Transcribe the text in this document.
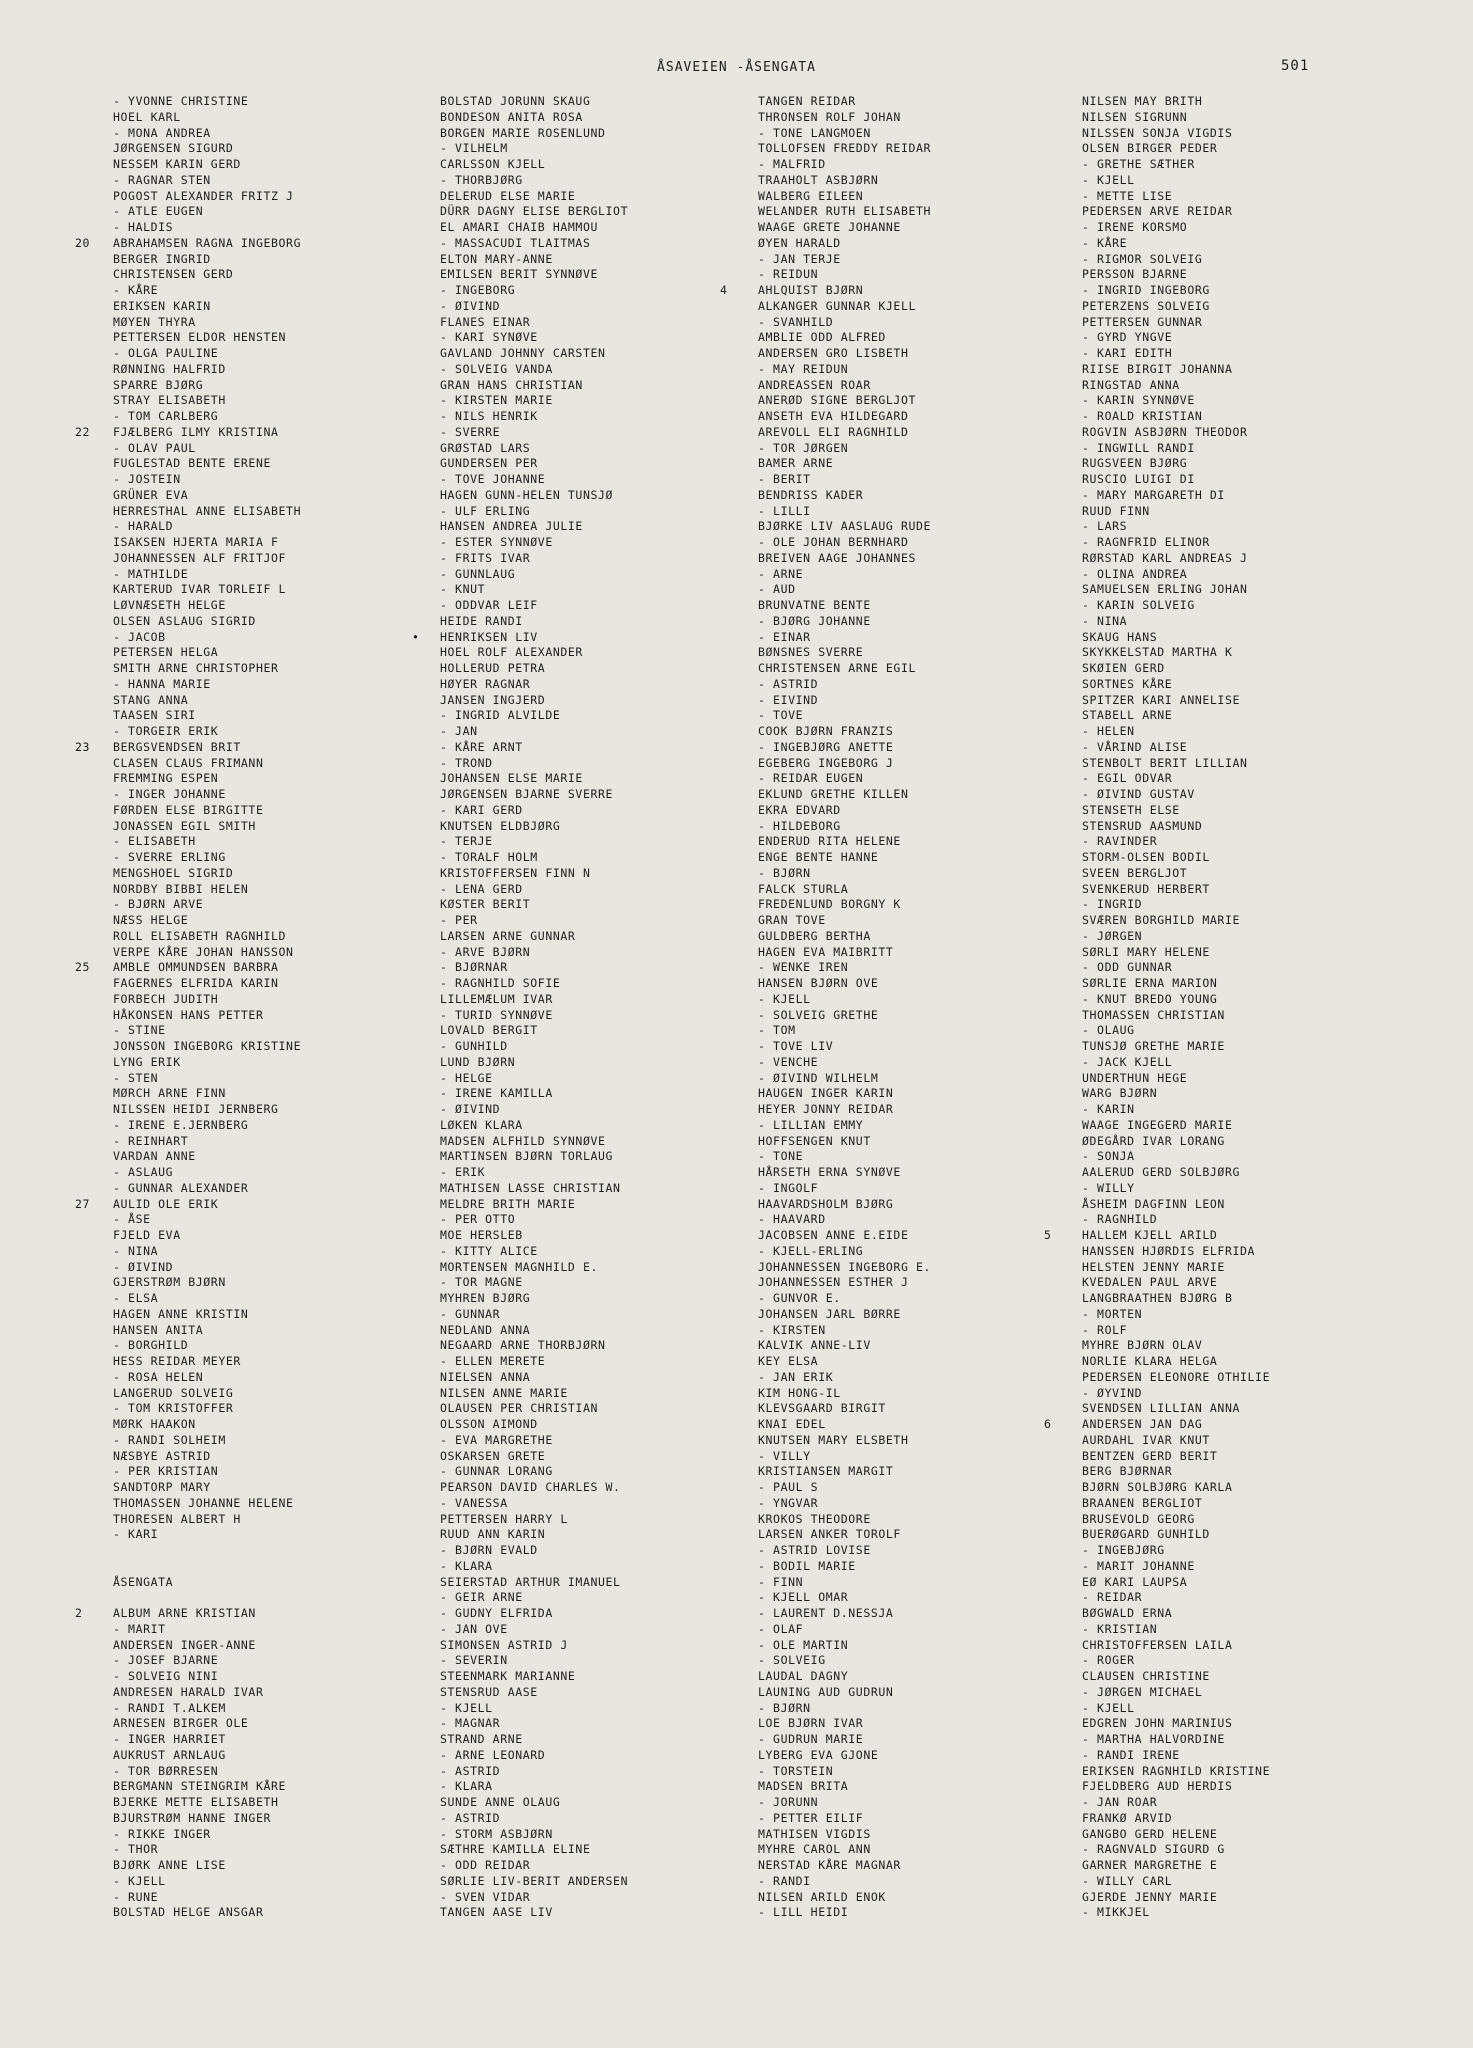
ÅSAVEIEN -ÅSENGATA	501
- YVONNE CHRISTINE
HOEL KARL
- MONA ANDREA
JØRGENSEN SIGURD
NESSEM KARIN GERD
- RAGNAR STEN
POGOST ALEXANDER FRITZ J
- ATLE EUGEN
- HALDIS
20	ABRAHAMSEN RAGNA INGEBORG
BERGER INGRID
CHRISTENSEN GERD
- KÅRE
ERIKSEN KARIN
MØYEN THYRA
PETTERSEN ELDOR HENSTEN
- OLGA PAULINE
RØNNING HALFRID
SPARRE BJØRG
STRAY ELISABETH
- TOM CARLBERG
22	FJÆLBERG ILMY KRISTINA
- OLAV PAUL
FUGLESTAD BENTE ERENE
- JOSTEIN
GRÜNER EVA
HERRESTHAL ANNE ELISABETH
- HARALD
ISAKSEN HJERTA MARIA F
JOHANNESSEN ALF FRITJOF
- MATHILDE
KARTERUD IVAR TORLEIF L
LØVNÆSETH HELGE
OLSEN ASLAUG SIGRID
- JACOB
PETERSEN HELGA
SMITH ARNE CHRISTOPHER
- HANNA MARIE
STANG ANNA
TAASEN SIRI
- TORGEIR ERIK
23	BERGSVENDSEN BRIT
CLASEN CLAUS FRIMANN
FREMMING ESPEN
- INGER JOHANNE
FØRDEN ELSE BIRGITTE
JONASSEN EGIL SMITH
- ELISABETH
- SVERRE ERLING
MENGSHOEL SIGRID
NORDBY BIBBI HELEN
- BJØRN ARVE
NÆSS HELGE
ROLL ELISABETH RAGNHILD
VERPE KÅRE JOHAN HANSSON
25	AMBLE OMMUNDSEN BARBRA
FAGERNES ELFRIDA KARIN
FORBECH JUDITH
HÅKONSEN HANS PETTER
- STINE
JONSSON INGEBORG KRISTINE
LYNG ERIK
- STEN
MØRCH ARNE FINN
NILSSEN HEIDI JERNBERG
- IRENE E.JERNBERG
- REINHART
VARDAN ANNE
- ASLAUG
- GUNNAR ALEXANDER
27	AULID OLE ERIK
- ÅSE
FJELD EVA
- NINA
- ØIVIND
GJERSTRØM BJØRN
- ELSA
HAGEN ANNE KRISTIN
HANSEN ANITA
- BORGHILD
HESS REIDAR MEYER
- ROSA HELEN
LANGERUD SOLVEIG
- TOM KRISTOFFER
MØRK HAAKON
- RANDI SOLHEIM
NÆSBYE ASTRID
- PER KRISTIAN
SANDTORP MARY
THOMASSEN JOHANNE HELENE
THORESEN ALBERT H
- KARI
ÅSENGATA
2	ALBUM ARNE KRISTIAN
- MARIT
ANDERSEN INGER-ANNE
- JOSEF BJARNE
- SOLVEIG NINI
ANDRESEN HARALD IVAR
- RANDI T.ALKEM
ARNESEN BIRGER OLE
- INGER HARRIET
AUKRUST ARNLAUG
- TOR BØRRESEN
BERGMANN STEINGRIM KÅRE
BJERKE METTE ELISABETH
BJURSTRØM HANNE INGER
- RIKKE INGER
- THOR
BJØRK ANNE LISE
- KJELL
- RUNE
BOLSTAD HELGE ANSGAR
BOLSTAD JORUNN SKAUG
BONDESON ANITA ROSA
BORGEN MARIE ROSENLUND
- VILHELM
CARLSSON KJELL
- THORBJØRG
DELERUD ELSE MARIE
DÜRR DAGNY ELISE BERGLIOT
EL AMARI CHAIB HAMMOU
- MASSACUDI TLAITMAS
ELTON MARY-ANNE
EMILSEN BERIT SYNNØVE
- INGEBORG
- ØIVIND
FLANES EINAR
- KARI SYNØVE
GAVLAND JOHNNY CARSTEN
- SOLVEIG VANDA
GRAN HANS CHRISTIAN
- KIRSTEN MARIE
- NILS HENRIK
- SVERRE
GRØSTAD LARS
GUNDERSEN PER
- TOVE JOHANNE
HAGEN GUNN-HELEN TUNSJØ
- ULF ERLING
HANSEN ANDREA JULIE
- ESTER SYNNØVE
- FRITS IVAR
- GUNNLAUG
- KNUT
- ODDVAR LEIF
HEIDE RANDI
• HENRIKSEN LIV
HOEL ROLF ALEXANDER
HOLLERUD PETRA
HØYER RAGNAR
JANSEN INGJERD
- INGRID ALVILDE
- JAN
- KÅRE ARNT
- TROND
JOHANSEN ELSE MARIE
JØRGENSEN BJARNE SVERRE
- KARI GERD
KNUTSEN ELDBJØRG
- TERJE
- TORALF HOLM
KRISTOFFERSEN FINN N
- LENA GERD
KØSTER BERIT
- PER
LARSEN ARNE GUNNAR
- ARVE BJØRN
- BJØRNAR
- RAGNHILD SOFIE
LILLEMÆLUM IVAR
- TURID SYNNØVE
LOVALD BERGIT
- GUNHILD
LUND BJØRN
- HELGE
- IRENE KAMILLA
- ØIVIND
LØKEN KLARA
MADSEN ALFHILD SYNNØVE
MARTINSEN BJØRN TORLAUG
- ERIK
MATHISEN LASSE CHRISTIAN
MELDRE BRITH MARIE
- PER OTTO
MOE HERSLEB
- KITTY ALICE
MORTENSEN MAGNHILD E.
- TOR MAGNE
MYHREN BJØRG
- GUNNAR
NEDLAND ANNA
NEGAARD ARNE THORBJØRN
- ELLEN MERETE
NIELSEN ANNA
NILSEN ANNE MARIE
OLAUSEN PER CHRISTIAN
OLSSON AIMOND
- EVA MARGRETHE
OSKARSEN GRETE
- GUNNAR LORANG
PEARSON DAVID CHARLES W.
- VANESSA
PETTERSEN HARRY L
RUUD ANN KARIN
- BJØRN EVALD
- KLARA
SEIERSTAD ARTHUR IMANUEL
- GEIR ARNE
- GUDNY ELFRIDA
- JAN OVE
SIMONSEN ASTRID J
- SEVERIN
STEENMARK MARIANNE
STENSRUD AASE
- KJELL
- MAGNAR
STRAND ARNE
- ARNE LEONARD
- ASTRID
- KLARA
SUNDE ANNE OLAUG
- ASTRID
- STORM ASBJØRN
SÆTHRE KAMILLA ELINE
- ODD REIDAR
SØRLIE LIV-BERIT ANDERSEN
- SVEN VIDAR
TANGEN AASE LIV
TANGEN REIDAR
THRONSEN ROLF JOHAN
- TONE LANGMOEN
TOLLOFSEN FREDDY REIDAR
- MALFRID
TRAAHOLT ASBJØRN
WALBERG EILEEN
WELANDER RUTH ELISABETH
WAAGE GRETE JOHANNE
ØYEN HARALD
- JAN TERJE
- REIDUN
4	AHLQUIST BJØRN
ALKANGER GUNNAR KJELL
- SVANHILD
AMBLIE ODD ALFRED
ANDERSEN GRO LISBETH
- MAY REIDUN
ANDREASSEN ROAR
ANERØD SIGNE BERGLJOT
ANSETH EVA HILDEGARD
AREVOLL ELI RAGNHILD
- TOR JØRGEN
BAMER ARNE
- BERIT
BENDRISS KADER
- LILLI
BJØRKE LIV AASLAUG RUDE
- OLE JOHAN BERNHARD
BREIVEN AAGE JOHANNES
- ARNE
- AUD
BRUNVATNE BENTE
- BJØRG JOHANNE
- EINAR
BØNSNES SVERRE
CHRISTENSEN ARNE EGIL
- ASTRID
- EIVIND
- TOVE
COOK BJØRN FRANZIS
- INGEBJØRG ANETTE
EGEBERG INGEBORG J
- REIDAR EUGEN
EKLUND GRETHE KILLEN
EKRA EDVARD
- HILDEBORG
ENDERUD RITA HELENE
ENGE BENTE HANNE
- BJØRN
FALCK STURLA
FREDENLUND BORGNY K
GRAN TOVE
GULDBERG BERTHA
HAGEN EVA MAIBRITT
- WENKE IREN
HANSEN BJØRN OVE
- KJELL
- SOLVEIG GRETHE
- TOM
- TOVE LIV
- VENCHE
- ØIVIND WILHELM
HAUGEN INGER KARIN
HEYER JONNY REIDAR
- LILLIAN EMMY
HOFFSENGEN KNUT
- TONE
HÅRSETH ERNA SYNØVE
- INGOLF
HAAVARDSHOLM BJØRG
- HAAVARD
JACOBSEN ANNE E.EIDE
- KJELL-ERLING
JOHANNESSEN INGEBORG E.
JOHANNESSEN ESTHER J
- GUNVOR E.
JOHANSEN JARL BØRRE
- KIRSTEN
KALVIK ANNE-LIV
KEY ELSA
- JAN ERIK
KIM HONG-IL
KLEVSGAARD BIRGIT
KNAI EDEL
KNUTSEN MARY ELSBETH
- VILLY
KRISTIANSEN MARGIT
- PAUL S
- YNGVAR
KROKOS THEODORE
LARSEN ANKER TOROLF
- ASTRID LOVISE
- BODIL MARIE
- FINN
- KJELL OMAR
- LAURENT D.NESSJA
- OLAF
- OLE MARTIN
- SOLVEIG
LAUDAL DAGNY
LAUNING AUD GUDRUN
- BJØRN
LOE BJØRN IVAR
- GUDRUN MARIE
LYBERG EVA GJONE
- TORSTEIN
MADSEN BRITA
- JORUNN
- PETTER EILIF
MATHISEN VIGDIS
MYHRE CAROL ANN
NERSTAD KÅRE MAGNAR
- RANDI
NILSEN ARILD ENOK
- LILL HEIDI
NILSEN MAY BRITH
NILSEN SIGRUNN
NILSSEN SONJA VIGDIS
OLSEN BIRGER PEDER
- GRETHE SÆTHER
- KJELL
- METTE LISE
PEDERSEN ARVE REIDAR
- IRENE KORSMO
- KÅRE
- RIGMOR SOLVEIG
PERSSON BJARNE
- INGRID INGEBORG
PETERZENS SOLVEIG
PETTERSEN GUNNAR
- GYRD YNGVE
- KARI EDITH
RIISE BIRGIT JOHANNA
RINGSTAD ANNA
- KARIN SYNNØVE
- ROALD KRISTIAN
ROGVIN ASBJØRN THEODOR
- INGWILL RANDI
RUGSVEEN BJØRG
RUSCIO LUIGI DI
- MARY MARGARETH DI
RUUD FINN
- LARS
- RAGNFRID ELINOR
RØRSTAD KARL ANDREAS J
- OLINA ANDREA
SAMUELSEN ERLING JOHAN
- KARIN SOLVEIG
- NINA
SKAUG HANS
SKYKKELSTAD MARTHA K
SKØIEN GERD
SORTNES KÅRE
SPITZER KARI ANNELISE
STABELL ARNE
- HELEN
- VÅRIND ALISE
STENBOLT BERIT LILLIAN
- EGIL ODVAR
- ØIVIND GUSTAV
STENSETH ELSE
STENSRUD AASMUND
- RAVINDER
STORM-OLSEN BODIL
SVEEN BERGLJOT
SVENKERUD HERBERT
- INGRID
SVÆREN BORGHILD MARIE
- JØRGEN
SØRLI MARY HELENE
- ODD GUNNAR
SØRLIE ERNA MARION
- KNUT BREDO YOUNG
THOMASSEN CHRISTIAN
- OLAUG
TUNSJØ GRETHE MARIE
- JACK KJELL
UNDERTHUN HEGE
WARG BJØRN
- KARIN
WAAGE INGEGERD MARIE
ØDEGÅRD IVAR LORANG
- SONJA
AALERUD GERD SOLBJØRG
- WILLY
ÅSHEIM DAGFINN LEON
- RAGNHILD
5	HALLEM KJELL ARILD
HANSSEN HJØRDIS ELFRIDA
HELSTEN JENNY MARIE
KVEDALEN PAUL ARVE
LANGBRAATHEN BJØRG B
- MORTEN
- ROLF
MYHRE BJØRN OLAV
NORLIE KLARA HELGA
PEDERSEN ELEONORE OTHILIE
- ØYVIND
SVENDSEN LILLIAN ANNA
6	ANDERSEN JAN DAG
AURDAHL IVAR KNUT
BENTZEN GERD BERIT
BERG BJØRNAR
BJØRN SOLBJØRG KARLA
BRAANEN BERGLIOT
BRUSEVOLD GEORG
BUERØGARD GUNHILD
- INGEBJØRG
- MARIT JOHANNE
EØ KARI LAUPSA
- REIDAR
BØGWALD ERNA
- KRISTIAN
CHRISTOFFERSEN LAILA
- ROGER
CLAUSEN CHRISTINE
- JØRGEN MICHAEL
- KJELL
EDGREN JOHN MARINIUS
- MARTHA HALVORDINE
- RANDI IRENE
ERIKSEN RAGNHILD KRISTINE
FJELDBERG AUD HERDIS
- JAN ROAR
FRANKØ ARVID
GANGBO GERD HELENE
- RAGNVALD SIGURD G
GARNER MARGRETHE E
- WILLY CARL
GJERDE JENNY MARIE
- MIKKJEL
